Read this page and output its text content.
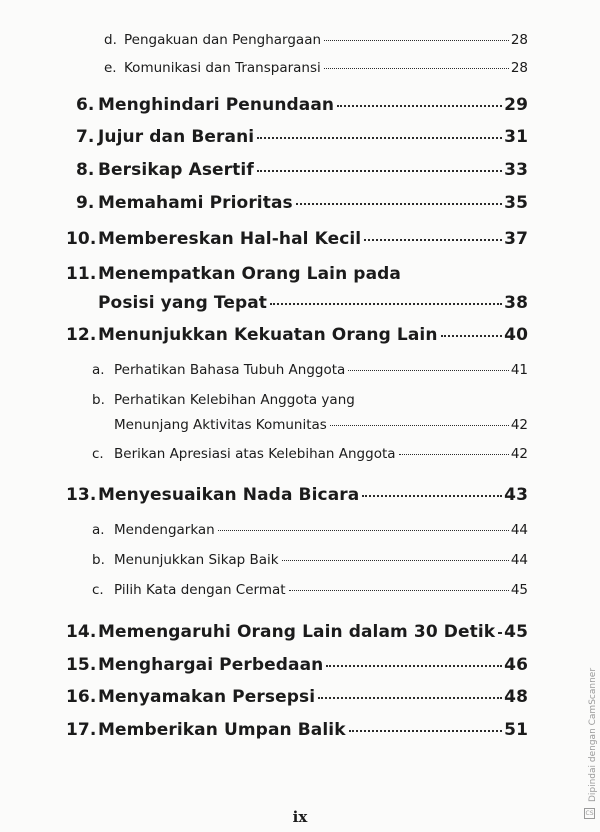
d. Pengakuan dan Penghargaan	28
e. Komunikasi dan Transparansi	28
6. Menghindari Penundaan	29
7. Jujur dan Berani	31
8. Bersikap Asertif	33
9. Memahami Prioritas	35
10. Membereskan Hal-hal Kecil	37
11. Menempatkan Orang Lain pada
Posisi yang Tepat	38
12. Menunjukkan Kekuatan Orang Lain	40
a. Perhatikan Bahasa Tubuh Anggota	41
b. Perhatikan Kelebihan Anggota yang
Menunjang Aktivitas Komunitas	42
c. Berikan Apresiasi atas Kelebihan Anggota	42
13. Menyesuaikan Nada Bicara	43
a. Mendengarkan	44
b. Menunjukkan Sikap Baik	44
c. Pilih Kata dengan Cermat	45
14. Memengaruhi Orang Lain dalam 30 Detik 45
15. Menghargai Perbedaan	46
16. Menyamakan Persepsi	48
17. Memberikan Umpan Balik	51
ix
Dipindai dengan CamScanner
CS
